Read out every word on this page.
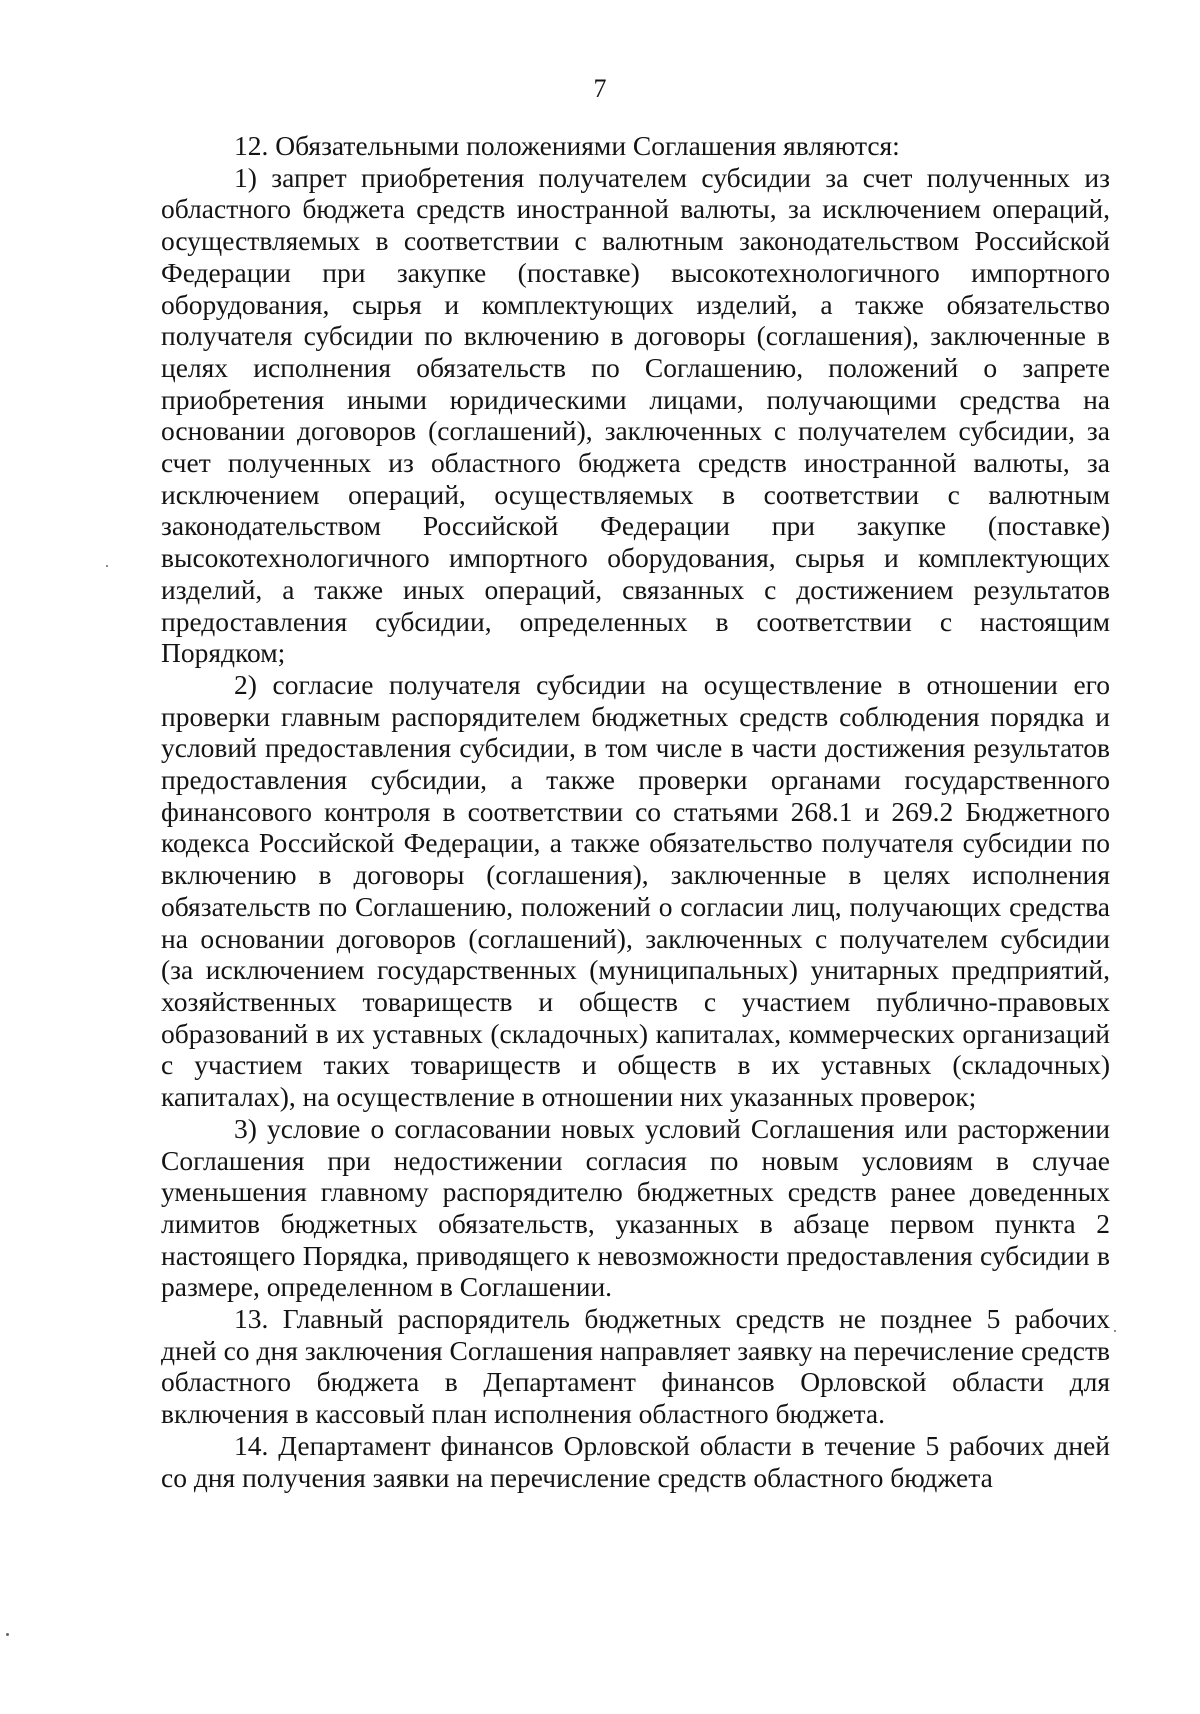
7

12. Обязательными положениями Соглашения являются:

1) запрет приобретения получателем субсидии за счет полученных из областного бюджета средств иностранной валюты, за исключением операций, осуществляемых в соответствии с валютным законодательством Российской Федерации при закупке (поставке) высокотехнологичного импортного оборудования, сырья и комплектующих изделий, а также обязательство получателя субсидии по включению в договоры (соглашения), заключенные в целях исполнения обязательств по Соглашению, положений о запрете приобретения иными юридическими лицами, получающими средства на основании договоров (соглашений), заключенных с получателем субсидии, за счет полученных из областного бюджета средств иностранной валюты, за исключением операций, осуществляемых в соответствии с валютным законодательством Российской Федерации при закупке (поставке) высокотехнологичного импортного оборудования, сырья и комплектующих изделий, а также иных операций, связанных с достижением результатов предоставления субсидии, определенных в соответствии с настоящим Порядком;

2) согласие получателя субсидии на осуществление в отношении его проверки главным распорядителем бюджетных средств соблюдения порядка и условий предоставления субсидии, в том числе в части достижения результатов предоставления субсидии, а также проверки органами государственного финансового контроля в соответствии со статьями 268.1 и 269.2 Бюджетного кодекса Российской Федерации, а также обязательство получателя субсидии по включению в договоры (соглашения), заключенные в целях исполнения обязательств по Соглашению, положений о согласии лиц, получающих средства на основании договоров (соглашений), заключенных с получателем субсидии (за исключением государственных (муниципальных) унитарных предприятий, хозяйственных товариществ и обществ с участием публично-правовых образований в их уставных (складочных) капиталах, коммерческих организаций с участием таких товариществ и обществ в их уставных (складочных) капиталах), на осуществление в отношении них указанных проверок;

3) условие о согласовании новых условий Соглашения или расторжении Соглашения при недостижении согласия по новым условиям в случае уменьшения главному распорядителю бюджетных средств ранее доведенных лимитов бюджетных обязательств, указанных в абзаце первом пункта 2 настоящего Порядка, приводящего к невозможности предоставления субсидии в размере, определенном в Соглашении.

13. Главный распорядитель бюджетных средств не позднее 5 рабочих дней со дня заключения Соглашения направляет заявку на перечисление средств областного бюджета в Департамент финансов Орловской области для включения в кассовый план исполнения областного бюджета.

14. Департамент финансов Орловской области в течение 5 рабочих дней со дня получения заявки на перечисление средств областного бюджета
